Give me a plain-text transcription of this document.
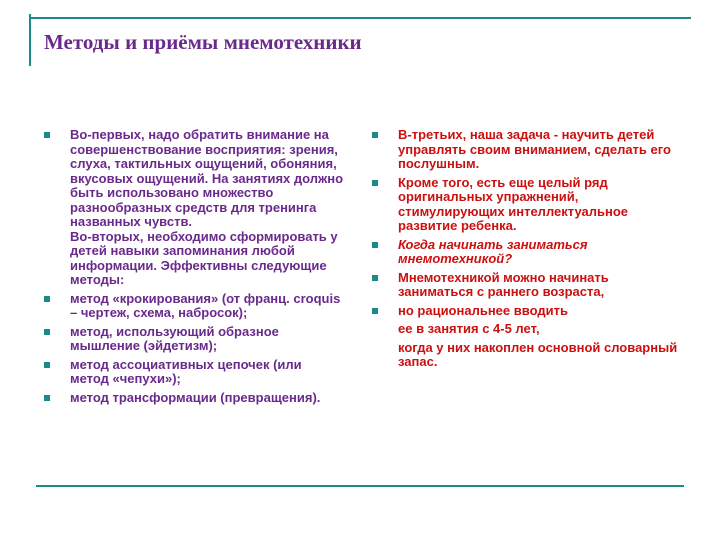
Методы и приёмы мнемотехники
Во-первых, надо обратить внимание на совершенствование восприятия: зрения, слуха, тактильных ощущений, обоняния, вкусовых ощущений. На занятиях должно быть использовано множество разнообразных средств для тренинга названных чувств.
Во-вторых, необходимо сформировать у детей навыки запоминания любой информации. Эффективны следующие методы:
метод «крокирования» (от франц. croquis – чертеж, схема, набросок);
метод, использующий образное мышление (эйдетизм);
метод ассоциативных цепочек (или метод «чепухи»);
метод трансформации (превращения).
В-третьих, наша задача - научить детей управлять своим вниманием, сделать его послушным.
Кроме того, есть еще целый ряд оригинальных упражнений, стимулирующих интеллектуальное развитие ребенка.
Когда начинать заниматься мнемотехникой?
Мнемотехникой можно начинать заниматься с раннего возраста,
но рациональнее вводить
ее в занятия с 4-5 лет,
когда у них накоплен основной словарный запас.
